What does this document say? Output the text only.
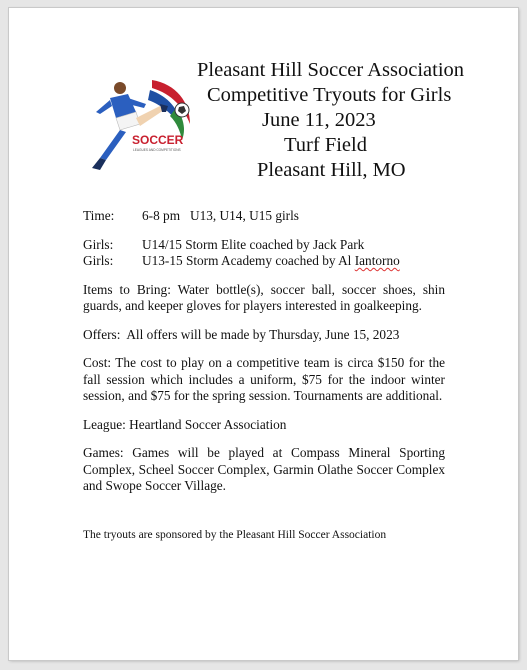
SOCCER
LEAGUES AND COMPETITIONS
Pleasant Hill Soccer Association
Competitive Tryouts for Girls
June 11, 2023
Turf Field
Pleasant Hill, MO
Time:	6-8 pm U13, U14, U15 girls
Girls:	U14/15 Storm Elite coached by Jack Park
Girls:	U13-15 Storm Academy coached by Al Iantorno

Items to Bring: Water bottle(s), soccer ball, soccer shoes, shin guards, and keeper gloves for players interested in goalkeeping.

Offers:  All offers will be made by Thursday, June 15, 2023

Cost: The cost to play on a competitive team is circa $150 for the fall session which includes a uniform, $75 for the indoor winter session, and $75 for the spring session. Tournaments are additional.

League: Heartland Soccer Association

Games: Games will be played at Compass Mineral Sporting Complex, Scheel Soccer Complex, Garmin Olathe Soccer Complex and Swope Soccer Village.

The tryouts are sponsored by the Pleasant Hill Soccer Association
